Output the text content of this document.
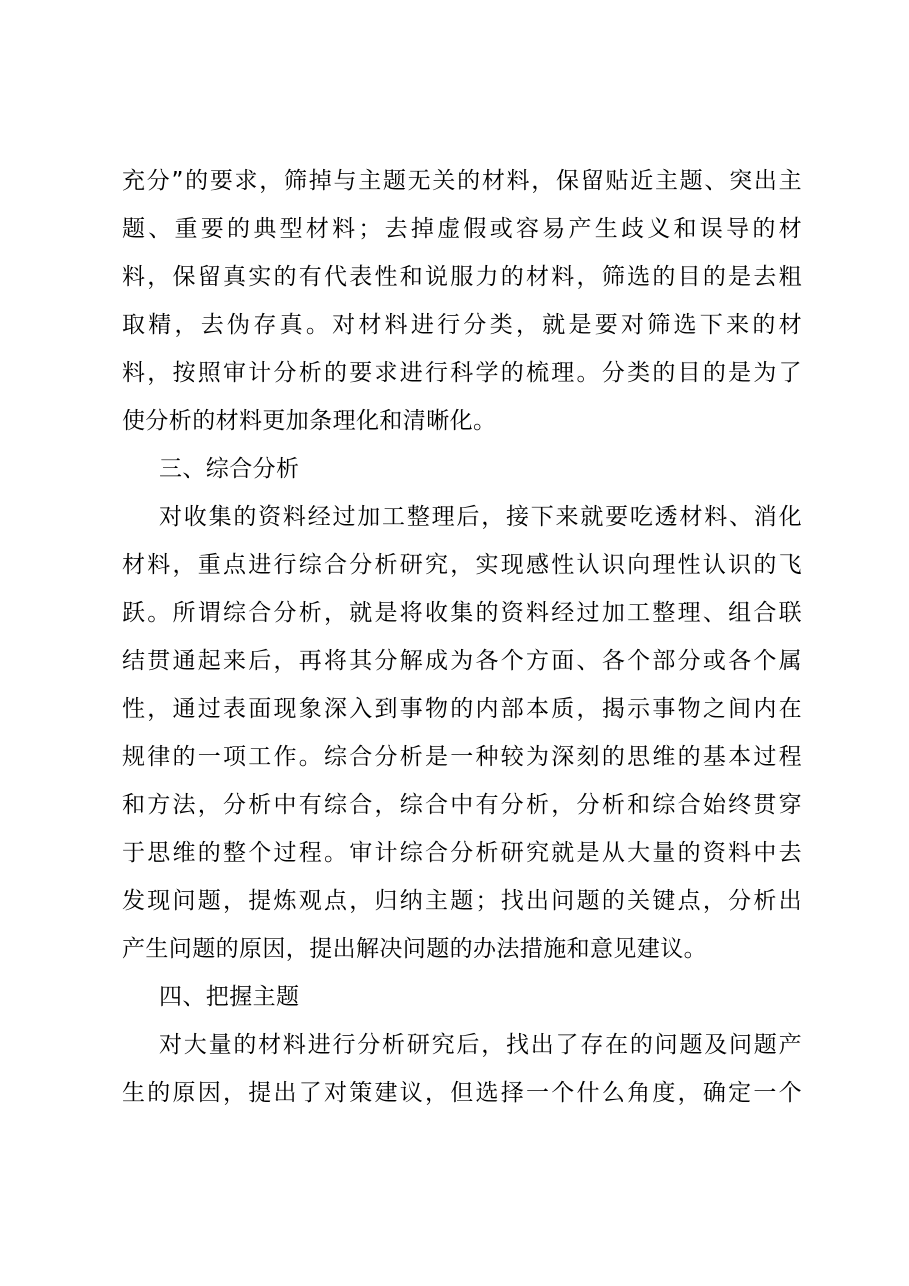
充分”的要求，筛掉与主题无关的材料，保留贴近主题、突出主
题、重要的典型材料；去掉虚假或容易产生歧义和误导的材
料，保留真实的有代表性和说服力的材料，筛选的目的是去粗
取精，去伪存真。对材料进行分类，就是要对筛选下来的材
料，按照审计分析的要求进行科学的梳理。分类的目的是为了
使分析的材料更加条理化和清晰化。
三、综合分析
对收集的资料经过加工整理后，接下来就要吃透材料、消化
材料，重点进行综合分析研究，实现感性认识向理性认识的飞
跃。所谓综合分析，就是将收集的资料经过加工整理、组合联
结贯通起来后，再将其分解成为各个方面、各个部分或各个属
性，通过表面现象深入到事物的内部本质，揭示事物之间内在
规律的一项工作。综合分析是一种较为深刻的思维的基本过程
和方法，分析中有综合，综合中有分析，分析和综合始终贯穿
于思维的整个过程。审计综合分析研究就是从大量的资料中去
发现问题，提炼观点，归纳主题；找出问题的关键点，分析出
产生问题的原因，提出解决问题的办法措施和意见建议。
四、把握主题
对大量的材料进行分析研究后，找出了存在的问题及问题产
生的原因，提出了对策建议，但选择一个什么角度，确定一个
